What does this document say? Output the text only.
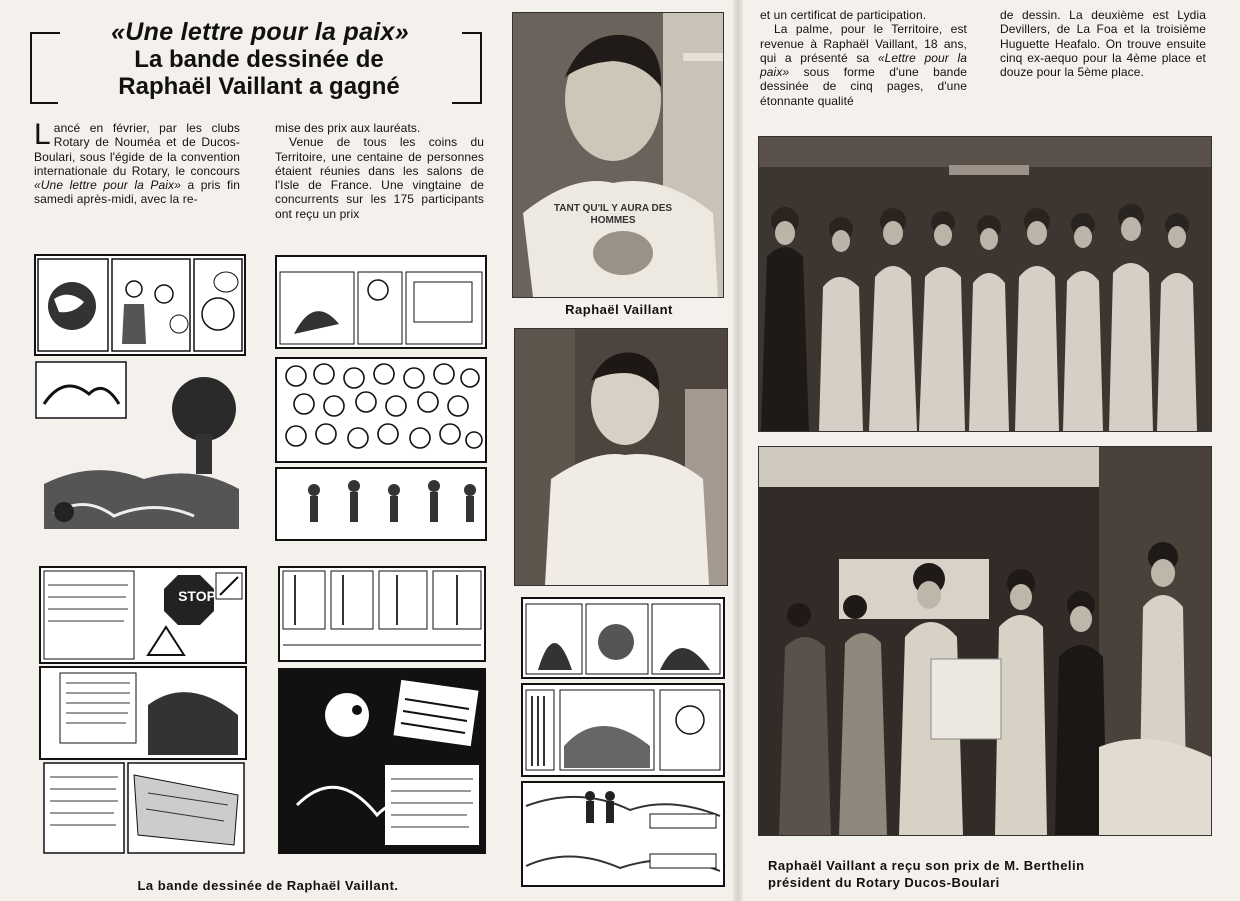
«Une lettre pour la paix»
La bande dessinée de
Raphaël Vaillant a gagné

Lancé en février, par les clubs Rotary de Nouméa et de Ducos-Boulari, sous l'égide de la convention internationale du Rotary, le concours «Une lettre pour la Paix» a pris fin samedi après-midi, avec la re-

mise des prix aux lauréats.

Venue de tous les coins du Territoire, une centaine de personnes étaient réunies dans les salons de l'Isle de France. Une vingtaine de concurrents sur les 175 participants ont reçu un prix

et un certificat de participation.

La palme, pour le Territoire, est revenue à Raphaël Vaillant, 18 ans, qui a présenté sa «Lettre pour la paix» sous forme d'une bande dessinée de cinq pages, d'une étonnante qualité

de dessin. La deuxième est Lydia Devillers, de La Foa et la troisième Huguette Heafalo. On trouve ensuite cinq ex-aequo pour la 4ème place et douze pour la 5ème place.

STOP
TANT QU'IL Y AURA DES HOMMES
Raphaël Vaillant
La bande dessinée de Raphaël Vaillant.
Raphaël Vaillant a reçu son prix de M. Berthelin
président du Rotary Ducos-Boulari
